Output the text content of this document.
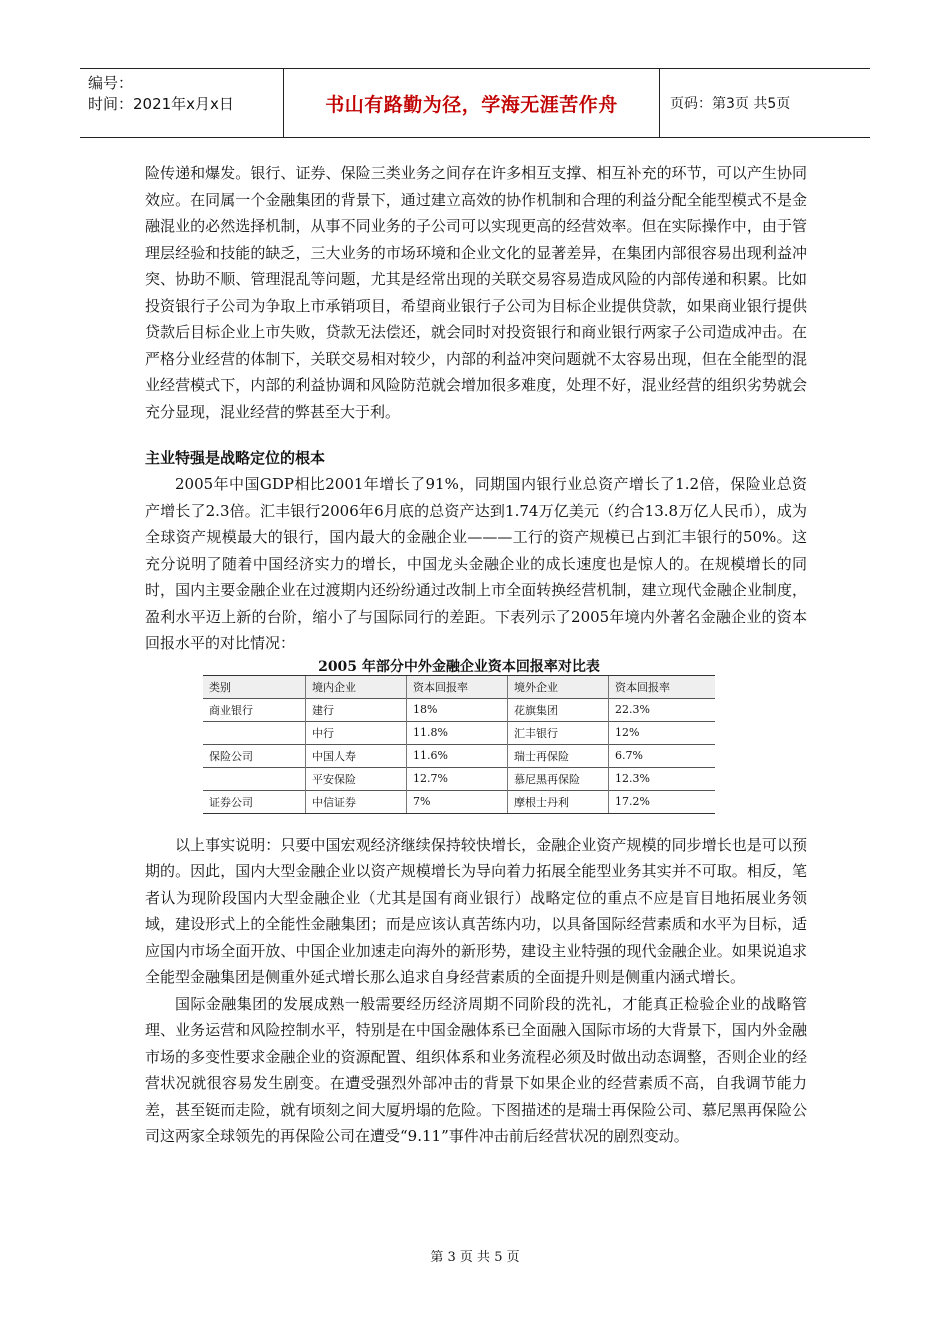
编号：
时间：2021年x月x日	书山有路勤为径，学海无涯苦作舟	页码：第3页 共5页

险传递和爆发。银行、证券、保险三类业务之间存在许多相互支撑、相互补充的环节，可以产生协同效应。在同属一个金融集团的背景下，通过建立高效的协作机制和合理的利益分配全能型模式不是金融混业的必然选择机制，从事不同业务的子公司可以实现更高的经营效率。但在实际操作中，由于管理层经验和技能的缺乏，三大业务的市场环境和企业文化的显著差异，在集团内部很容易出现利益冲突、协助不顺、管理混乱等问题，尤其是经常出现的关联交易容易造成风险的内部传递和积累。比如投资银行子公司为争取上市承销项目，希望商业银行子公司为目标企业提供贷款，如果商业银行提供贷款后目标企业上市失败，贷款无法偿还，就会同时对投资银行和商业银行两家子公司造成冲击。在严格分业经营的体制下，关联交易相对较少，内部的利益冲突问题就不太容易出现，但在全能型的混业经营模式下，内部的利益协调和风险防范就会增加很多难度，处理不好，混业经营的组织劣势就会充分显现，混业经营的弊甚至大于利。

主业特强是战略定位的根本

2005年中国GDP相比2001年增长了91%，同期国内银行业总资产增长了1.2倍，保险业总资产增长了2.3倍。汇丰银行2006年6月底的总资产达到1.74万亿美元（约合13.8万亿人民币），成为全球资产规模最大的银行，国内最大的金融企业———工行的资产规模已占到汇丰银行的50%。这充分说明了随着中国经济实力的增长，中国龙头金融企业的成长速度也是惊人的。在规模增长的同时，国内主要金融企业在过渡期内还纷纷通过改制上市全面转换经营机制，建立现代金融企业制度，盈利水平迈上新的台阶，缩小了与国际同行的差距。下表列示了2005年境内外著名金融企业的资本回报水平的对比情况：

2005 年部分中外金融企业资本回报率对比表
类别	境内企业	资本回报率	境外企业	资本回报率
商业银行	建行	18%	花旗集团	22.3%
	中行	11.8%	汇丰银行	12%
保险公司	中国人寿	11.6%	瑞士再保险	6.7%
	平安保险	12.7%	慕尼黑再保险	12.3%
证券公司	中信证券	7%	摩根士丹利	17.2%

以上事实说明：只要中国宏观经济继续保持较快增长，金融企业资产规模的同步增长也是可以预期的。因此，国内大型金融企业以资产规模增长为导向着力拓展全能型业务其实并不可取。相反，笔者认为现阶段国内大型金融企业（尤其是国有商业银行）战略定位的重点不应是盲目地拓展业务领域，建设形式上的全能性金融集团；而是应该认真苦练内功，以具备国际经营素质和水平为目标，适应国内市场全面开放、中国企业加速走向海外的新形势，建设主业特强的现代金融企业。如果说追求全能型金融集团是侧重外延式增长那么追求自身经营素质的全面提升则是侧重内涵式增长。

国际金融集团的发展成熟一般需要经历经济周期不同阶段的洗礼，才能真正检验企业的战略管理、业务运营和风险控制水平，特别是在中国金融体系已全面融入国际市场的大背景下，国内外金融市场的多变性要求金融企业的资源配置、组织体系和业务流程必须及时做出动态调整，否则企业的经营状况就很容易发生剧变。在遭受强烈外部冲击的背景下如果企业的经营素质不高，自我调节能力差，甚至铤而走险，就有顷刻之间大厦坍塌的危险。下图描述的是瑞士再保险公司、慕尼黑再保险公司这两家全球领先的再保险公司在遭受“9.11”事件冲击前后经营状况的剧烈变动。

第 3 页 共 5 页
